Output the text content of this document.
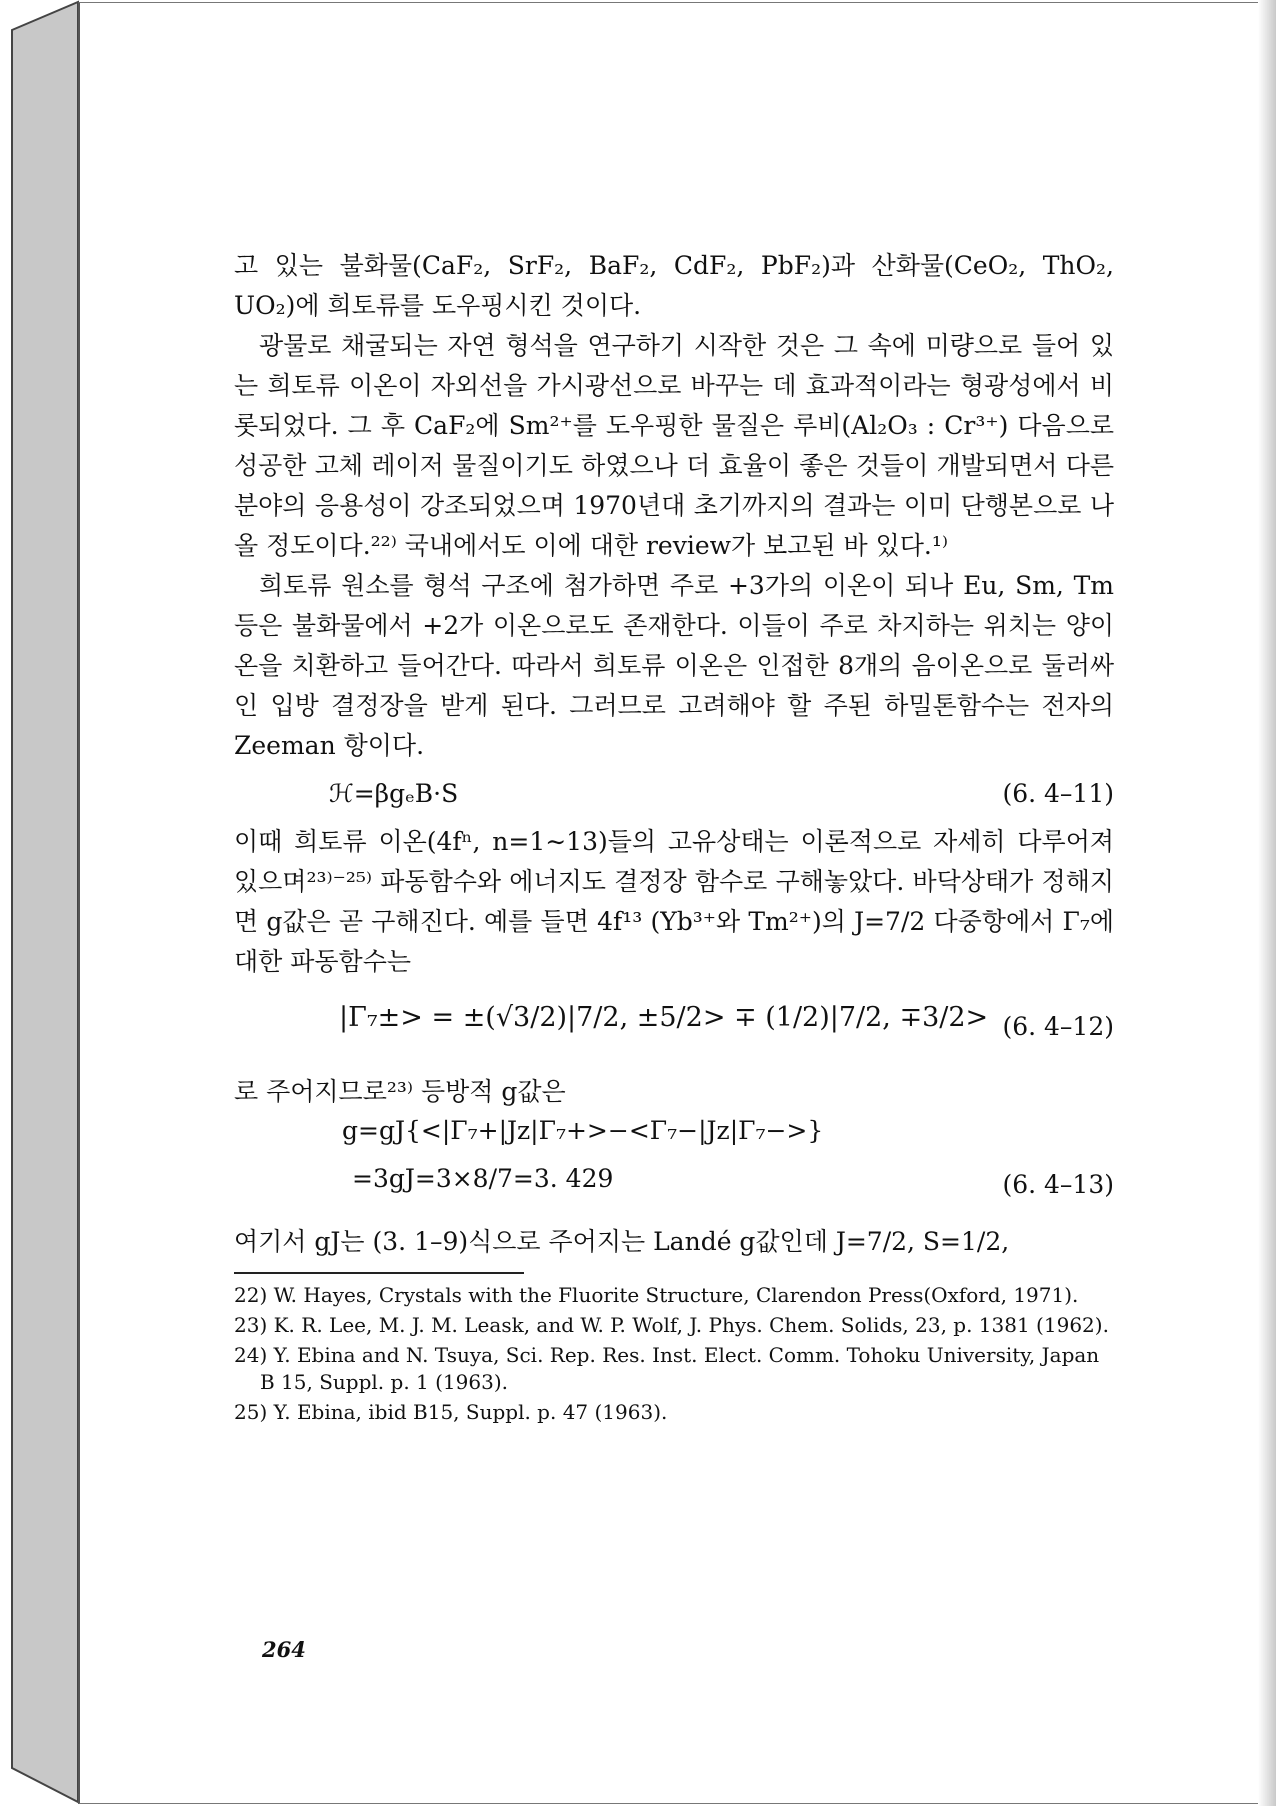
고 있는 불화물(CaF₂, SrF₂, BaF₂, CdF₂, PbF₂)과 산화물(CeO₂, ThO₂, UO₂)에 희토류를 도우핑시킨 것이다.

광물로 채굴되는 자연 형석을 연구하기 시작한 것은 그 속에 미량으로 들어 있는 희토류 이온이 자외선을 가시광선으로 바꾸는 데 효과적이라는 형광성에서 비롯되었다. 그 후 CaF₂에 Sm²⁺를 도우핑한 물질은 루비(Al₂O₃ : Cr³⁺) 다음으로 성공한 고체 레이저 물질이기도 하였으나 더 효율이 좋은 것들이 개발되면서 다른 분야의 응용성이 강조되었으며 1970년대 초기까지의 결과는 이미 단행본으로 나올 정도이다.²²⁾ 국내에서도 이에 대한 review가 보고된 바 있다.¹⁾

희토류 원소를 형석 구조에 첨가하면 주로 +3가의 이온이 되나 Eu, Sm, Tm 등은 불화물에서 +2가 이온으로도 존재한다. 이들이 주로 차지하는 위치는 양이온을 치환하고 들어간다. 따라서 희토류 이온은 인접한 8개의 음이온으로 둘러싸인 입방 결정장을 받게 된다. 그러므로 고려해야 할 주된 하밀톤함수는 전자의 Zeeman 항이다.

ℋ=βgₑB·S	(6. 4–11)

이때 희토류 이온(4fⁿ, n=1∼13)들의 고유상태는 이론적으로 자세히 다루어져 있으며²³⁾⁻²⁵⁾ 파동함수와 에너지도 결정장 함수로 구해놓았다. 바닥상태가 정해지면 g값은 곧 구해진다. 예를 들면 4f¹³ (Yb³⁺와 Tm²⁺)의 J=7/2 다중항에서 Γ₇에 대한 파동함수는

|Γ₇±> = ±(√3/2)|7/2, ±5/2> ∓ (1/2)|7/2, ∓3/2> (6. 4–12)

로 주어지므로²³⁾ 등방적 g값은

g=gJ{<|Γ₇+|Jz|Γ₇+>−<Γ₇−|Jz|Γ₇−>}
=3gJ=3×8/7=3. 429	(6. 4–13)

여기서 gJ는 (3. 1–9)식으로 주어지는 Landé g값인데 J=7/2, S=1/2,

22) W. Hayes, Crystals with the Fluorite Structure, Clarendon Press(Oxford, 1971).

23) K. R. Lee, M. J. M. Leask, and W. P. Wolf, J. Phys. Chem. Solids, 23, p. 1381 (1962).

24) Y. Ebina and N. Tsuya, Sci. Rep. Res. Inst. Elect. Comm. Tohoku University, Japan B 15, Suppl. p. 1 (1963).

25) Y. Ebina, ibid B15, Suppl. p. 47 (1963).

264
